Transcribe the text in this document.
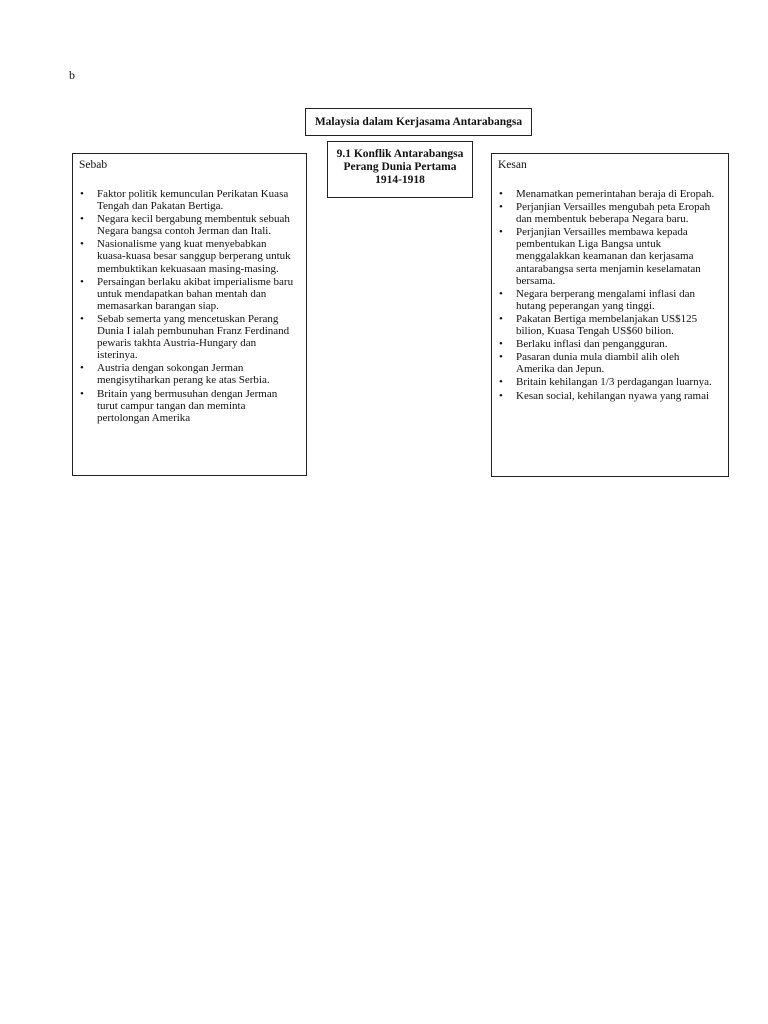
b
Malaysia dalam Kerjasama Antarabangsa
9.1 Konflik Antarabangsa
Perang Dunia Pertama
1914-1918
Sebab
• Faktor politik kemunculan Perikatan Kuasa Tengah dan Pakatan Bertiga.
• Negara kecil bergabung membentuk sebuah Negara bangsa contoh Jerman dan Itali.
• Nasionalisme yang kuat menyebabkan kuasa-kuasa besar sanggup berperang untuk membuktikan kekuasaan masing-masing.
• Persaingan berlaku akibat imperialisme baru untuk mendapatkan bahan mentah dan memasarkan barangan siap.
• Sebab semerta yang mencetuskan Perang Dunia I ialah pembunuhan Franz Ferdinand pewaris takhta Austria-Hungary dan isterinya.
• Austria dengan sokongan Jerman mengisytiharkan perang ke atas Serbia.
• Britain yang bermusuhan dengan Jerman turut campur tangan dan meminta pertolongan Amerika
Kesan
• Menamatkan pemerintahan beraja di Eropah.
• Perjanjian Versailles mengubah peta Eropah dan membentuk beberapa Negara baru.
• Perjanjian Versailles membawa kepada pembentukan Liga Bangsa untuk menggalakkan keamanan dan kerjasama antarabangsa serta menjamin keselamatan bersama.
• Negara berperang mengalami inflasi dan hutang peperangan yang tinggi.
• Pakatan Bertiga membelanjakan US$125 bilion, Kuasa Tengah US$60 bilion.
• Berlaku inflasi dan pengangguran.
• Pasaran dunia mula diambil alih oleh Amerika dan Jepun.
• Britain kehilangan 1/3 perdagangan luarnya.
• Kesan social, kehilangan nyawa yang ramai
